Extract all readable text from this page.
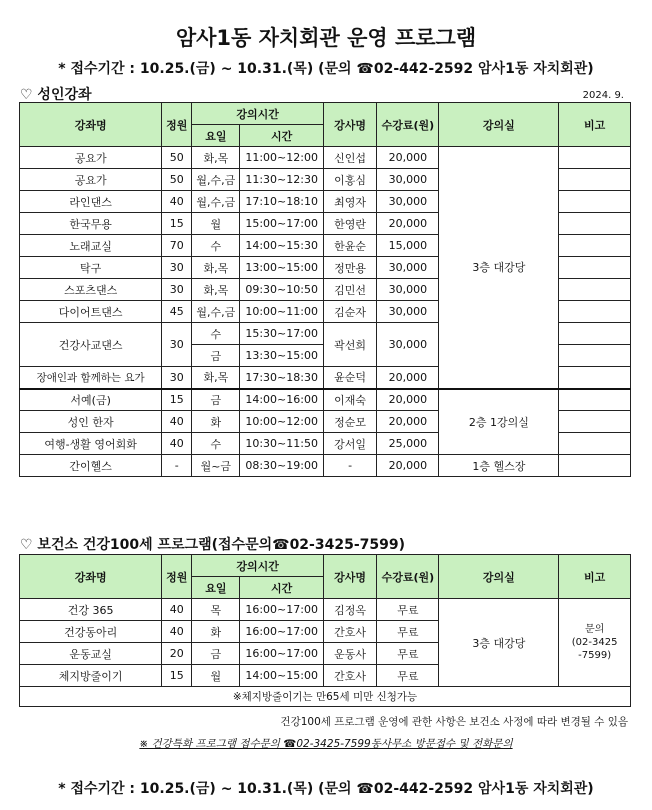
암사1동 자치회관 운영 프로그램
* 접수기간 : 10.25.(금) ~ 10.31.(목) (문의 ☎02-442-2592 암사1동 자치회관)
♡ 성인강좌	2024. 9.
강좌명	정원	강의시간		강사명	수강료(원)	강의실	비고
		요일	시간				
공요가	50	화,목	11:00~12:00	신인섭	20,000	3층 대강당	
공요가	50	월,수,금	11:30~12:30	이홍심	30,000		
라인댄스	40	월,수,금	17:10~18:10	최영자	30,000		
한국무용	15	월	15:00~17:00	한영란	20,000		
노래교실	70	수	14:00~15:30	한윤순	15,000		
탁구	30	화,목	13:00~15:00	정만용	30,000		
스포츠댄스	30	화,목	09:30~10:50	김민선	30,000		
다이어트댄스	45	월,수,금	10:00~11:00	김순자	30,000		
건강사교댄스	30	수	15:30~17:00	곽선희	30,000		
		금	13:30~15:00				
장애인과 함께하는 요가	30	화,목	17:30~18:30	윤순덕	20,000		
서예(금)	15	금	14:00~16:00	이재숙	20,000	2층 1강의실	
성인 한자	40	화	10:00~12:00	정순모	20,000		
여행-생활 영어회화	40	수	10:30~11:50	강서일	25,000		
간이헬스	-	월~금	08:30~19:00	-	20,000	1층 헬스장	
♡ 보건소 건강100세 프로그램(접수문의☎02-3425-7599)
강좌명	정원	강의시간		강사명	수강료(원)	강의실	비고
		요일	시간				
건강 365	40	목	16:00~17:00	김정옥	무료	3층 대강당	문의
(02-3425
-7599)

건강동아리	40	화	16:00~17:00	간호사	무료		
운동교실	20	금	16:00~17:00	운동사	무료		
체지방줄이기	15	월	14:00~15:00	간호사	무료		
※체지방줄이기는 만65세 미만 신청가능							
건강100세 프로그램 운영에 관한 사항은 보건소 사정에 따라 변경될 수 있음
※ 건강특화 프로그램 접수문의 ☎02-3425-7599동사무소 방문접수 및 전화문의
* 접수기간 : 10.25.(금) ~ 10.31.(목) (문의 ☎02-442-2592 암사1동 자치회관)
